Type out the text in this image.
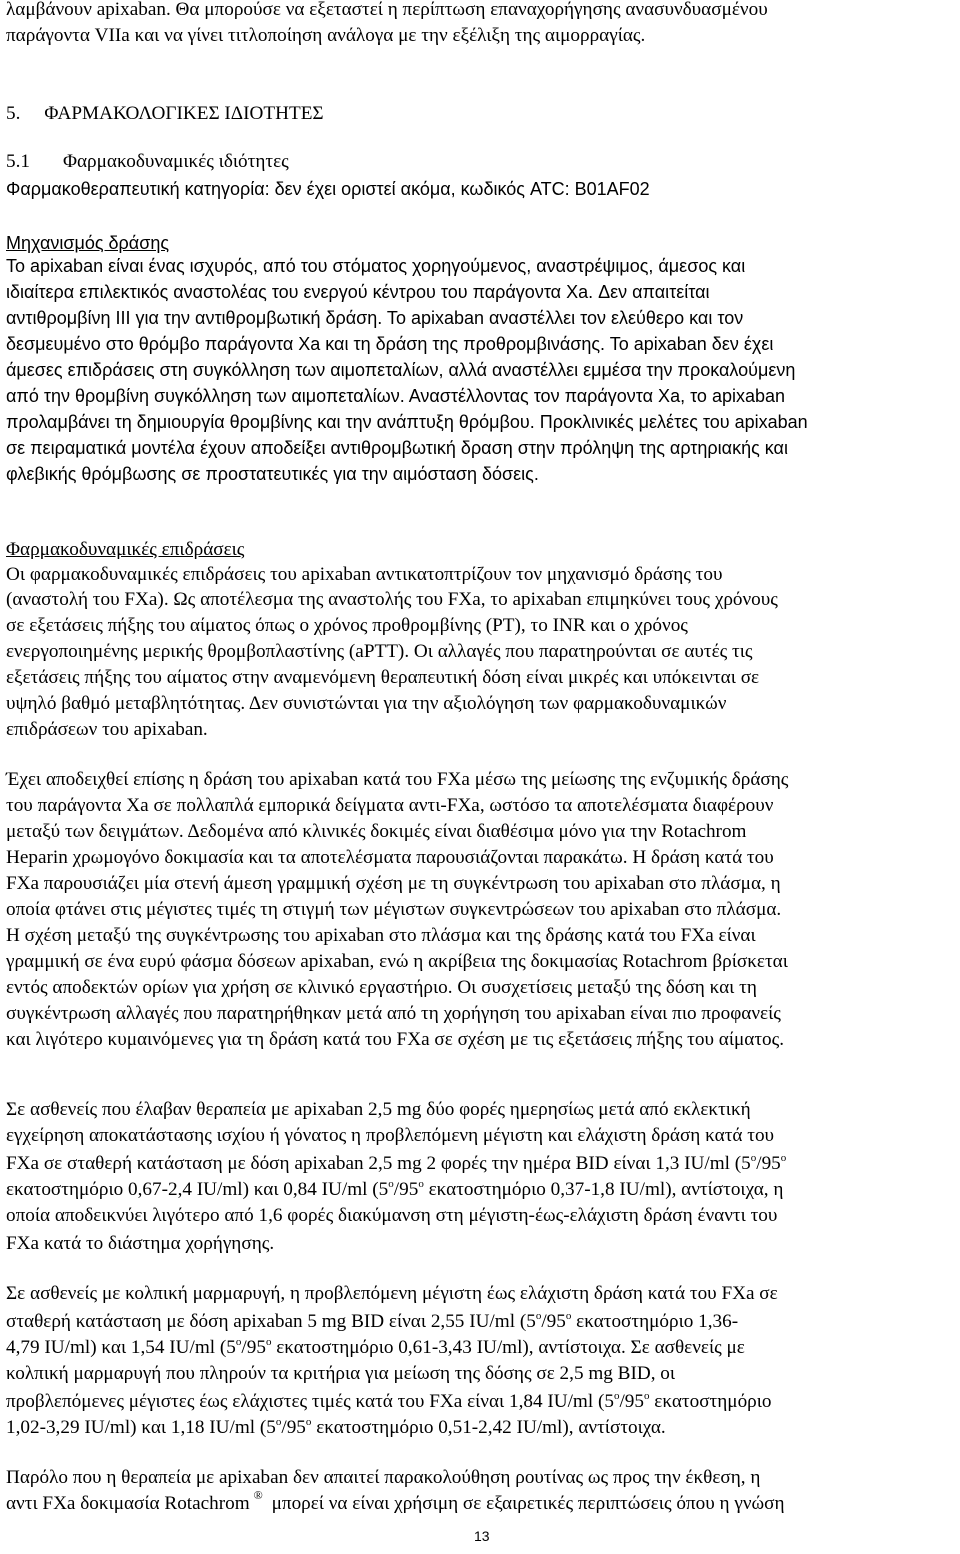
λαμβάνουν apixaban. Θα μπορούσε να εξεταστεί η περίπτωση επαναχορήγησης ανασυνδυασμένου
παράγοντα VIIa και να γίνει τιτλοποίηση ανάλογα με την εξέλιξη της αιμορραγίας.
5. ΦΑΡΜΑΚΟΛΟΓΙΚΕΣ ΙΔΙΟΤΗΤΕΣ
5.1 Φαρμακοδυναμικές ιδιότητες
Φαρμακοθεραπευτική κατηγορία: δεν έχει οριστεί ακόμα, κωδικός ATC: B01AF02
Μηχανισμός δράσης
Το apixaban είναι ένας ισχυρός, από του στόματος χορηγούμενος, αναστρέψιμος, άμεσος και
ιδιαίτερα επιλεκτικός αναστολέας του ενεργού κέντρου του παράγοντα Xa. Δεν απαιτείται
αντιθρομβίνη III για την αντιθρομβωτική δράση. Το apixaban αναστέλλει τον ελεύθερο και τον
δεσμευμένο στο θρόμβο παράγοντα Xa και τη δράση της προθρομβινάσης. Το apixaban δεν έχει
άμεσες επιδράσεις στη συγκόλληση των αιμοπεταλίων, αλλά αναστέλλει εμμέσα την προκαλούμενη
από την θρομβίνη συγκόλληση των αιμοπεταλίων. Αναστέλλοντας τον παράγοντα Xa, το apixaban
προλαμβάνει τη δημιουργία θρομβίνης και την ανάπτυξη θρόμβου. Προκλινικές μελέτες του apixaban
σε πειραματικά μοντέλα έχουν αποδείξει αντιθρομβωτική δραση στην πρόληψη της αρτηριακής και
φλεβικής θρόμβωσης σε προστατευτικές για την αιμόσταση δόσεις.
Φαρμακοδυναμικές επιδράσεις
Οι φαρμακοδυναμικές επιδράσεις του apixaban αντικατοπτρίζουν τον μηχανισμό δράσης του
(αναστολή του FXa). Ως αποτέλεσμα της αναστολής του FXa, το apixaban επιμηκύνει τους χρόνους
σε εξετάσεις πήξης του αίματος όπως ο χρόνος προθρομβίνης (PT), το INR και ο χρόνος
ενεργοποιημένης μερικής θρομβοπλαστίνης (aPTT). Οι αλλαγές που παρατηρούνται σε αυτές τις
εξετάσεις πήξης του αίματος στην αναμενόμενη θεραπευτική δόση είναι μικρές και υπόκεινται σε
υψηλό βαθμό μεταβλητότητας. Δεν συνιστώνται για την αξιολόγηση των φαρμακοδυναμικών
επιδράσεων του apixaban.
Έχει αποδειχθεί επίσης η δράση του apixaban κατά του FXa μέσω της μείωσης της ενζυμικής δράσης
του παράγοντα Xa σε πολλαπλά εμπορικά δείγματα αντι-FXa, ωστόσο τα αποτελέσματα διαφέρουν
μεταξύ των δειγμάτων. Δεδομένα από κλινικές δοκιμές είναι διαθέσιμα μόνο για την Rotachrom
Heparin χρωμογόνο δοκιμασία και τα αποτελέσματα παρουσιάζονται παρακάτω. Η δράση κατά του
FXa παρουσιάζει μία στενή άμεση γραμμική σχέση με τη συγκέντρωση του apixaban στο πλάσμα, η
οποία φτάνει στις μέγιστες τιμές τη στιγμή των μέγιστων συγκεντρώσεων του apixaban στο πλάσμα.
Η σχέση μεταξύ της συγκέντρωσης του apixaban στο πλάσμα και της δράσης κατά του FXa είναι
γραμμική σε ένα ευρύ φάσμα δόσεων apixaban, ενώ η ακρίβεια της δοκιμασίας Rotachrom βρίσκεται
εντός αποδεκτών ορίων για χρήση σε κλινικό εργαστήριο. Οι συσχετίσεις μεταξύ της δόση και τη
συγκέντρωση αλλαγές που παρατηρήθηκαν μετά από τη χορήγηση του apixaban είναι πιο προφανείς
και λιγότερο κυμαινόμενες για τη δράση κατά του FXa σε σχέση με τις εξετάσεις πήξης του αίματος.
Σε ασθενείς που έλαβαν θεραπεία με apixaban 2,5 mg δύο φορές ημερησίως μετά από εκλεκτική
εγχείρηση αποκατάστασης ισχίου ή γόνατος η προβλεπόμενη μέγιστη και ελάχιστη δράση κατά του
FXa σε σταθερή κατάσταση με δόση apixaban 2,5 mg 2 φορές την ημέρα BID είναι 1,3 IU/ml (5$^o$/95$^o$
εκατοστημόριο 0,67-2,4 IU/ml) και 0,84 IU/ml (5$^o$/95$^o$ εκατοστημόριο 0,37-1,8 IU/ml), αντίστοιχα, η
οποία αποδεικνύει λιγότερο από 1,6 φορές διακύμανση στη μέγιστη-έως-ελάχιστη δράση έναντι του
FXa κατά το διάστημα χορήγησης.
Σε ασθενείς με κολπική μαρμαρυγή, η προβλεπόμενη μέγιστη έως ελάχιστη δράση κατά του FXa σε
σταθερή κατάσταση με δόση apixaban 5 mg BID είναι 2,55 IU/ml (5$^o$/95$^o$ εκατοστημόριο 1,36-
4,79 IU/ml) και 1,54 IU/ml (5$^o$/95$^o$ εκατοστημόριο 0,61-3,43 IU/ml), αντίστοιχα. Σε ασθενείς με
κολπική μαρμαρυγή που πληρούν τα κριτήρια για μείωση της δόσης σε 2,5 mg BID, οι
προβλεπόμενες μέγιστες έως ελάχιστες τιμές κατά του FXa είναι 1,84 IU/ml (5$^o$/95$^o$ εκατοστημόριο
1,02-3,29 IU/ml) και 1,18 IU/ml (5$^o$/95$^o$ εκατοστημόριο 0,51-2,42 IU/ml), αντίστοιχα.
Παρόλο που η θεραπεία με apixaban δεν απαιτεί παρακολούθηση ρουτίνας ως προς την έκθεση, η
αντι FXa δοκιμασία Rotachrom ® μπορεί να είναι χρήσιμη σε εξαιρετικές περιπτώσεις όπου η γνώση
13
